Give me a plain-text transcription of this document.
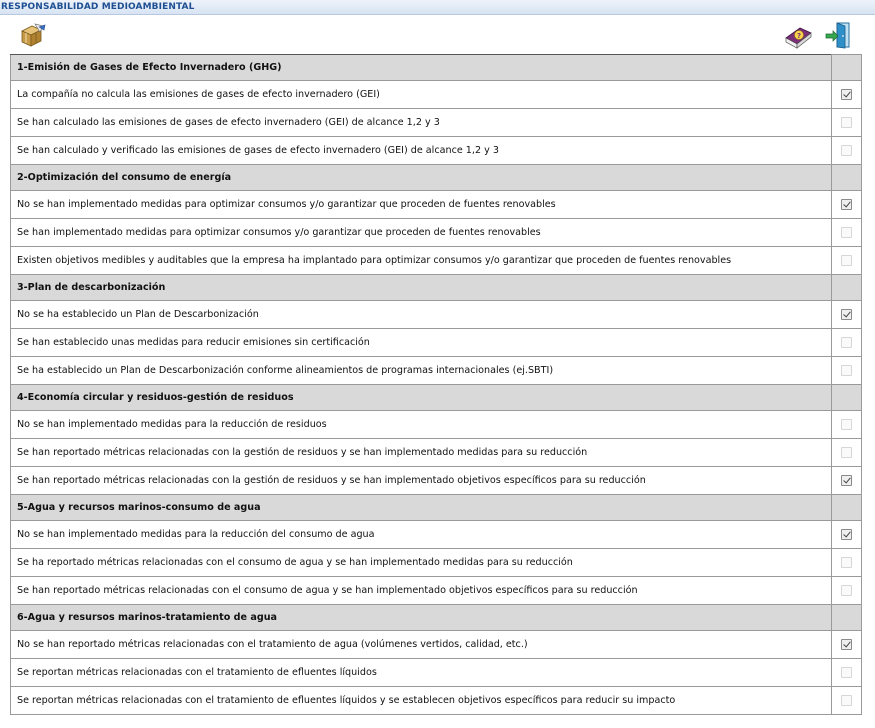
RESPONSABILIDAD MEDIOAMBIENTAL
?
1-Emisión de Gases de Efecto Invernadero (GHG)	
La compañía no calcula las emisiones de gases de efecto invernadero (GEI)	
Se han calculado las emisiones de gases de efecto invernadero (GEI) de alcance 1,2 y 3	
Se han calculado y verificado las emisiones de gases de efecto invernadero (GEI) de alcance 1,2 y 3	
2-Optimización del consumo de energía	
No se han implementado medidas para optimizar consumos y/o garantizar que proceden de fuentes renovables	
Se han implementado medidas para optimizar consumos y/o garantizar que proceden de fuentes renovables	
Existen objetivos medibles y auditables que la empresa ha implantado para optimizar consumos y/o garantizar que proceden de fuentes renovables	
3-Plan de descarbonización	
No se ha establecido un Plan de Descarbonización	
Se han establecido unas medidas para reducir emisiones sin certificación	
Se ha establecido un Plan de Descarbonización conforme alineamientos de programas internacionales (ej.SBTI)	
4-Economía circular y residuos-gestión de residuos	
No se han implementado medidas para la reducción de residuos	
Se han reportado métricas relacionadas con la gestión de residuos y se han implementado medidas para su reducción	
Se han reportado métricas relacionadas con la gestión de residuos y se han implementado objetivos específicos para su reducción	
5-Agua y recursos marinos-consumo de agua	
No se han implementado medidas para la reducción del consumo de agua	
Se ha reportado métricas relacionadas con el consumo de agua y se han implementado medidas para su reducción	
Se han reportado métricas relacionadas con el consumo de agua y se han implementado objetivos específicos para su reducción	
6-Agua y resursos marinos-tratamiento de agua	
No se han reportado métricas relacionadas con el tratamiento de agua (volúmenes vertidos, calidad, etc.)	
Se reportan métricas relacionadas con el tratamiento de efluentes líquidos	
Se reportan métricas relacionadas con el tratamiento de efluentes líquidos y se establecen objetivos específicos para reducir su impacto	
